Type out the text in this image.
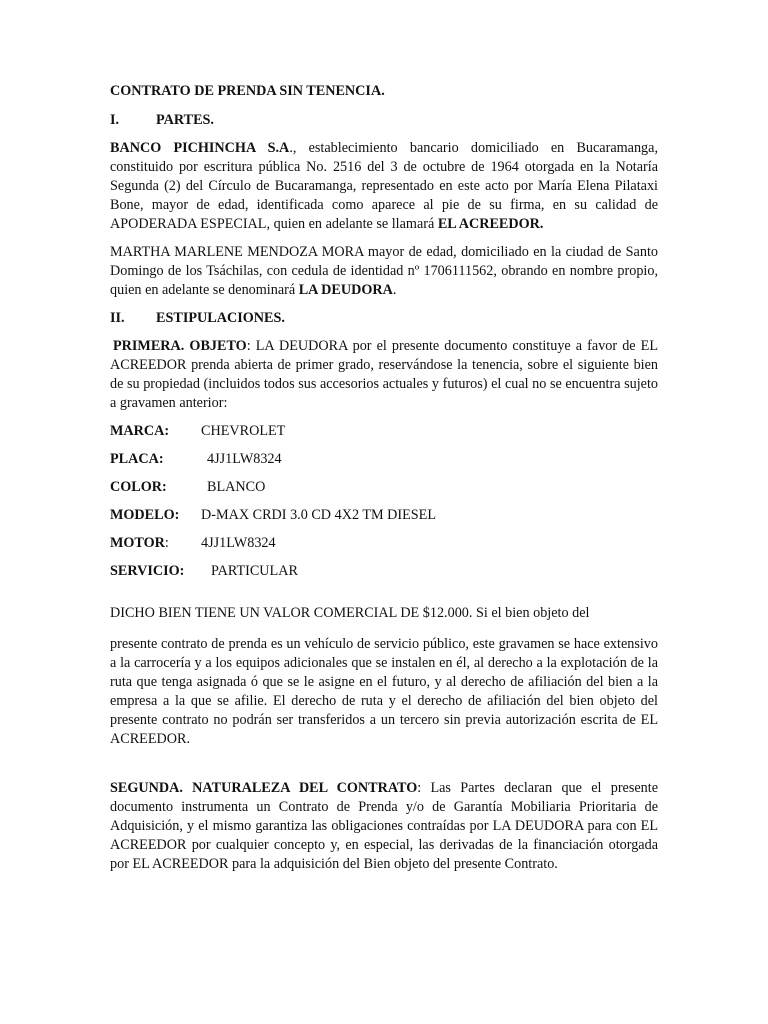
CONTRATO DE PRENDA SIN TENENCIA.
I.	PARTES.

BANCO PICHINCHA S.A., establecimiento bancario domiciliado en Bucaramanga, constituido por escritura pública No. 2516 del 3 de octubre de 1964 otorgada en la Notaría Segunda (2) del Círculo de Bucaramanga, representado en este acto por María Elena Pilataxi Bone, mayor de edad, identificada como aparece al pie de su firma, en su calidad de APODERADA ESPECIAL, quien en adelante se llamará EL ACREEDOR.

MARTHA MARLENE MENDOZA MORA mayor de edad, domiciliado en la ciudad de Santo Domingo de los Tsáchilas, con cedula de identidad nº 1706111562, obrando en nombre propio, quien en adelante se denominará LA DEUDORA.

II. ESTIPULACIONES.

PRIMERA. OBJETO: LA DEUDORA por el presente documento constituye a favor de EL ACREEDOR prenda abierta de primer grado, reservándose la tenencia, sobre el siguiente bien de su propiedad (incluidos todos sus accesorios actuales y futuros) el cual no se encuentra sujeto a gravamen anterior:

MARCA:	CHEVROLET
PLACA:	4JJ1LW8324
COLOR:	BLANCO
MODELO:	D-MAX CRDI 3.0 CD 4X2 TM DIESEL
MOTOR:	4JJ1LW8324
SERVICIO:	PARTICULAR

DICHO BIEN TIENE UN VALOR COMERCIAL DE $12.000. Si el bien objeto del

presente contrato de prenda es un vehículo de servicio público, este gravamen se hace extensivo a la carrocería y a los equipos adicionales que se instalen en él, al derecho a la explotación de la ruta que tenga asignada ó que se le asigne en el futuro, y al derecho de afiliación del bien a la empresa a la que se afilie. El derecho de ruta y el derecho de afiliación del bien objeto del presente contrato no podrán ser transferidos a un tercero sin previa autorización escrita de EL ACREEDOR.

SEGUNDA. NATURALEZA DEL CONTRATO: Las Partes declaran que el presente documento instrumenta un Contrato de Prenda y/o de Garantía Mobiliaria Prioritaria de Adquisición, y el mismo garantiza las obligaciones contraídas por LA DEUDORA para con EL ACREEDOR por cualquier concepto y, en especial, las derivadas de la financiación otorgada por EL ACREEDOR para la adquisición del Bien objeto del presente Contrato.
